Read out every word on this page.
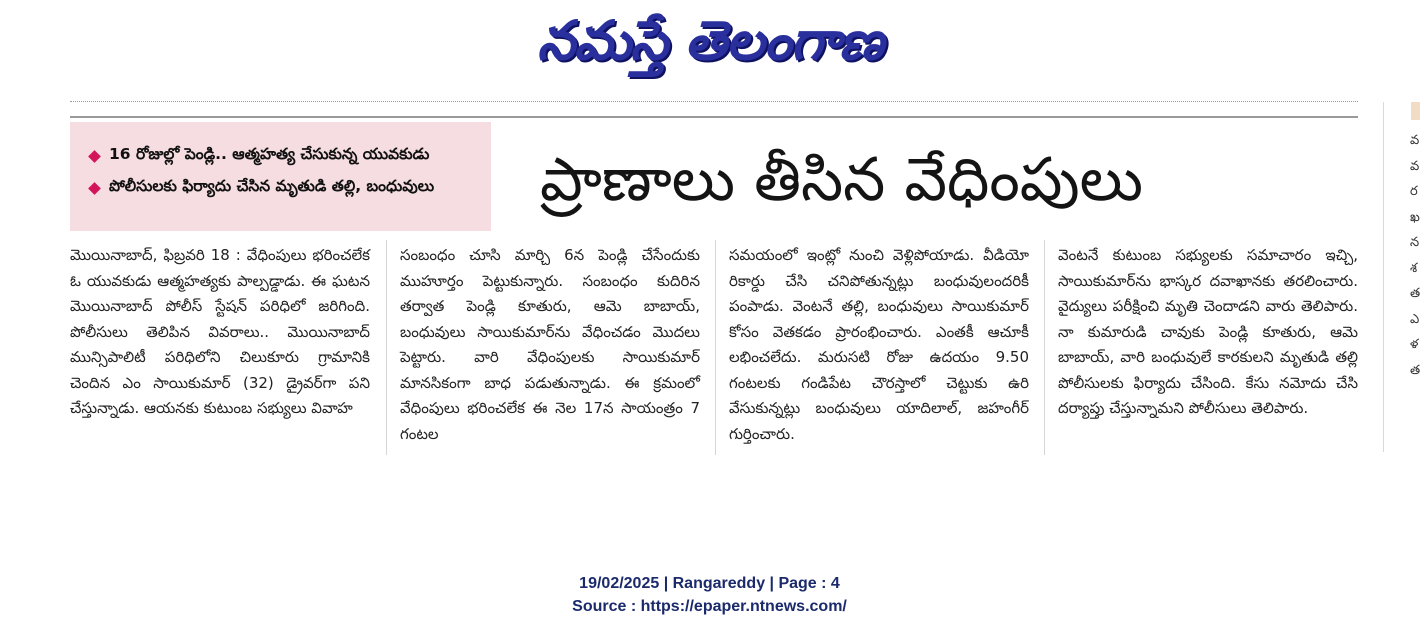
నమస్తే తెలంగాణ
16 రోజుల్లో పెండ్లి.. ఆత్మహత్య చేసుకున్న యువకుడు
పోలీసులకు ఫిర్యాదు చేసిన మృతుడి తల్లి, బంధువులు ప్రాణాలు తీసిన వేధింపులు
మొయినాబాద్, ఫిబ్రవరి 18 : వేధింపులు భరించలేక ఓ యువకుడు ఆత్మహత్యకు పాల్పడ్డాడు. ఈ ఘటన మొయినాబాద్ పోలీస్ స్టేషన్ పరిధిలో జరిగింది. పోలీసులు తెలిపిన వివరాలు.. మొయినాబాద్ మున్సిపాలిటీ పరిధిలోని చిలుకూరు గ్రామానికి చెందిన ఎం సాయికుమార్ (32) డ్రైవర్‌గా పని చేస్తున్నాడు. ఆయనకు కుటుంబ సభ్యులు వివాహ
సంబంధం చూసి మార్చి 6న పెండ్లి చేసేందుకు ముహూర్తం పెట్టుకున్నారు. సంబంధం కుదిరిన తర్వాత పెండ్లి కూతురు, ఆమె బాబాయ్, బంధువులు సాయికుమార్‌ను వేధించడం మొదలు పెట్టారు. వారి వేధింపులకు సాయికుమార్ మానసికంగా బాధ పడుతున్నాడు. ఈ క్రమంలో వేధింపులు భరించలేక ఈ నెల 17న సాయంత్రం 7 గంటల
సమయంలో ఇంట్లో నుంచి వెళ్లిపోయాడు. వీడియో రికార్డు చేసి చనిపోతున్నట్లు బంధువులందరికీ పంపాడు. వెంటనే తల్లి, బంధువులు సాయికుమార్ కోసం వెతకడం ప్రారంభించారు. ఎంతకీ ఆచూకీ లభించలేదు. మరుసటి రోజు ఉదయం 9.50 గంటలకు గండిపేట చౌరస్తాలో చెట్టుకు ఉరి వేసుకున్నట్లు బంధువులు యాదిలాల్, జహంగీర్ గుర్తించారు.
వెంటనే కుటుంబ సభ్యులకు సమాచారం ఇచ్చి, సాయికుమార్‌ను భాస్కర దవాఖానకు తరలించారు. వైద్యులు పరీక్షించి మృతి చెందాడని వారు తెలిపారు. నా కుమారుడి చావుకు పెండ్లి కూతురు, ఆమె బాబాయ్, వారి బంధువులే కారకులని మృతుడి తల్లి పోలీసులకు ఫిర్యాదు చేసింది. కేసు నమోదు చేసి దర్యాప్తు చేస్తున్నామని పోలీసులు తెలిపారు.
వ
వ
ర
ఖ
న
శ
త
ఎ
ళ
త
19/02/2025 | Rangareddy | Page : 4
Source : https://epaper.ntnews.com/
